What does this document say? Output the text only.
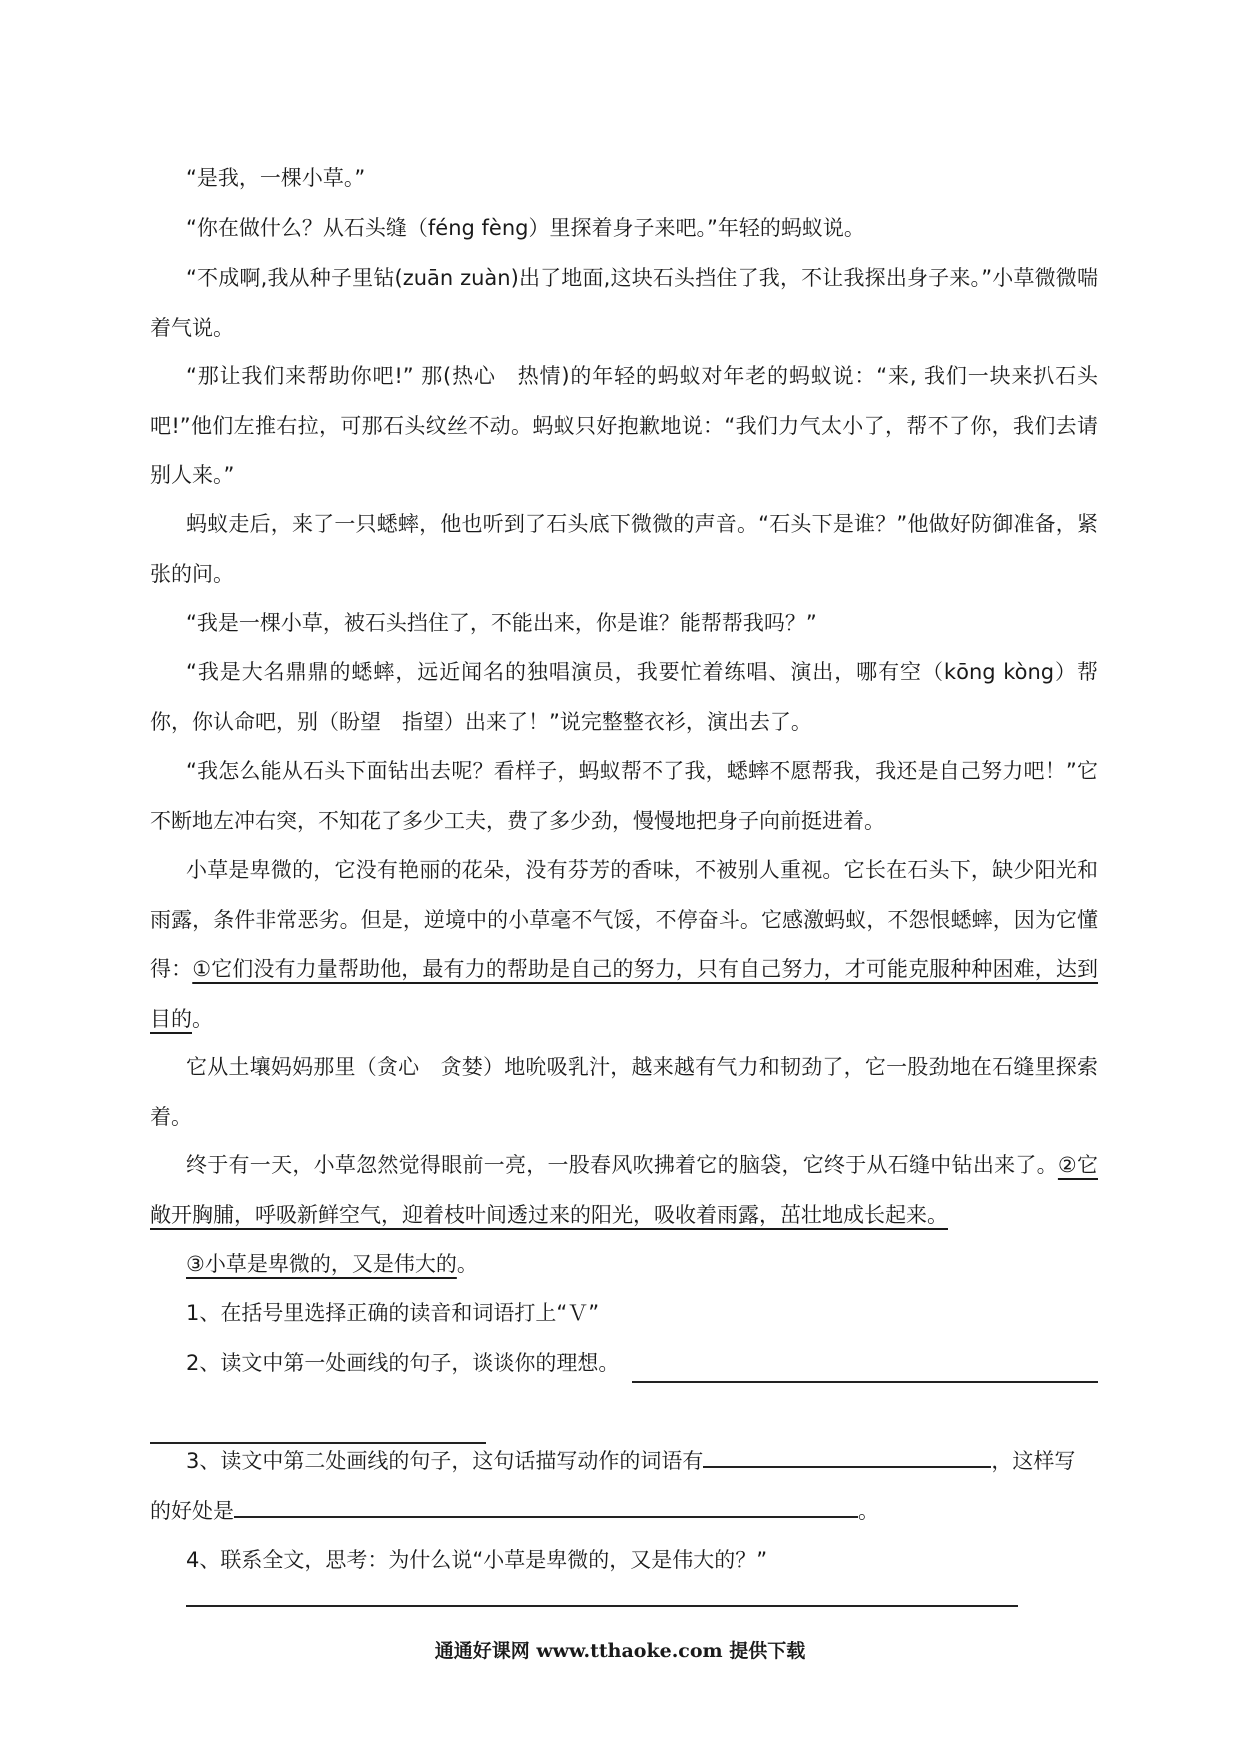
“是我，一棵小草。”

“你在做什么？从石头缝（féng fèng）里探着身子来吧。”年轻的蚂蚁说。

“不成啊,我从种子里钻(zuān zuàn)出了地面,这块石头挡住了我，不让我探出身子来。”小草微微喘着气说。

“那让我们来帮助你吧!” 那(热心　热情)的年轻的蚂蚁对年老的蚂蚁说：“来, 我们一块来扒石头吧!”他们左推右拉，可那石头纹丝不动。蚂蚁只好抱歉地说：“我们力气太小了，帮不了你，我们去请别人来。”

蚂蚁走后，来了一只蟋蟀，他也听到了石头底下微微的声音。“石头下是谁？”他做好防御准备，紧张的问。

“我是一棵小草，被石头挡住了，不能出来，你是谁？能帮帮我吗？”

“我是大名鼎鼎的蟋蟀，远近闻名的独唱演员，我要忙着练唱、演出，哪有空（kōng kòng）帮你，你认命吧，别（盼望　指望）出来了！”说完整整衣衫，演出去了。

“我怎么能从石头下面钻出去呢？看样子，蚂蚁帮不了我，蟋蟀不愿帮我，我还是自己努力吧！”它不断地左冲右突，不知花了多少工夫，费了多少劲，慢慢地把身子向前挺进着。

小草是卑微的，它没有艳丽的花朵，没有芬芳的香味，不被别人重视。它长在石头下，缺少阳光和雨露，条件非常恶劣。但是，逆境中的小草毫不气馁，不停奋斗。它感激蚂蚁，不怨恨蟋蟀，因为它懂得：①它们没有力量帮助他，最有力的帮助是自己的努力，只有自己努力，才可能克服种种困难，达到目的。

它从土壤妈妈那里（贪心　贪婪）地吮吸乳汁，越来越有气力和韧劲了，它一股劲地在石缝里探索着。

终于有一天，小草忽然觉得眼前一亮，一股春风吹拂着它的脑袋，它终于从石缝中钻出来了。②它敞开胸脯，呼吸新鲜空气，迎着枝叶间透过来的阳光，吸收着雨露，茁壮地成长起来。

③小草是卑微的，又是伟大的。

1、在括号里选择正确的读音和词语打上“Ｖ”

2、读文中第一处画线的句子，谈谈你的理想。

3、读文中第二处画线的句子，这句话描写动作的词语有	，这样写

的好处是	。

4、联系全文，思考：为什么说“小草是卑微的，又是伟大的？”

通通好课网 www.tthaoke.com 提供下载
